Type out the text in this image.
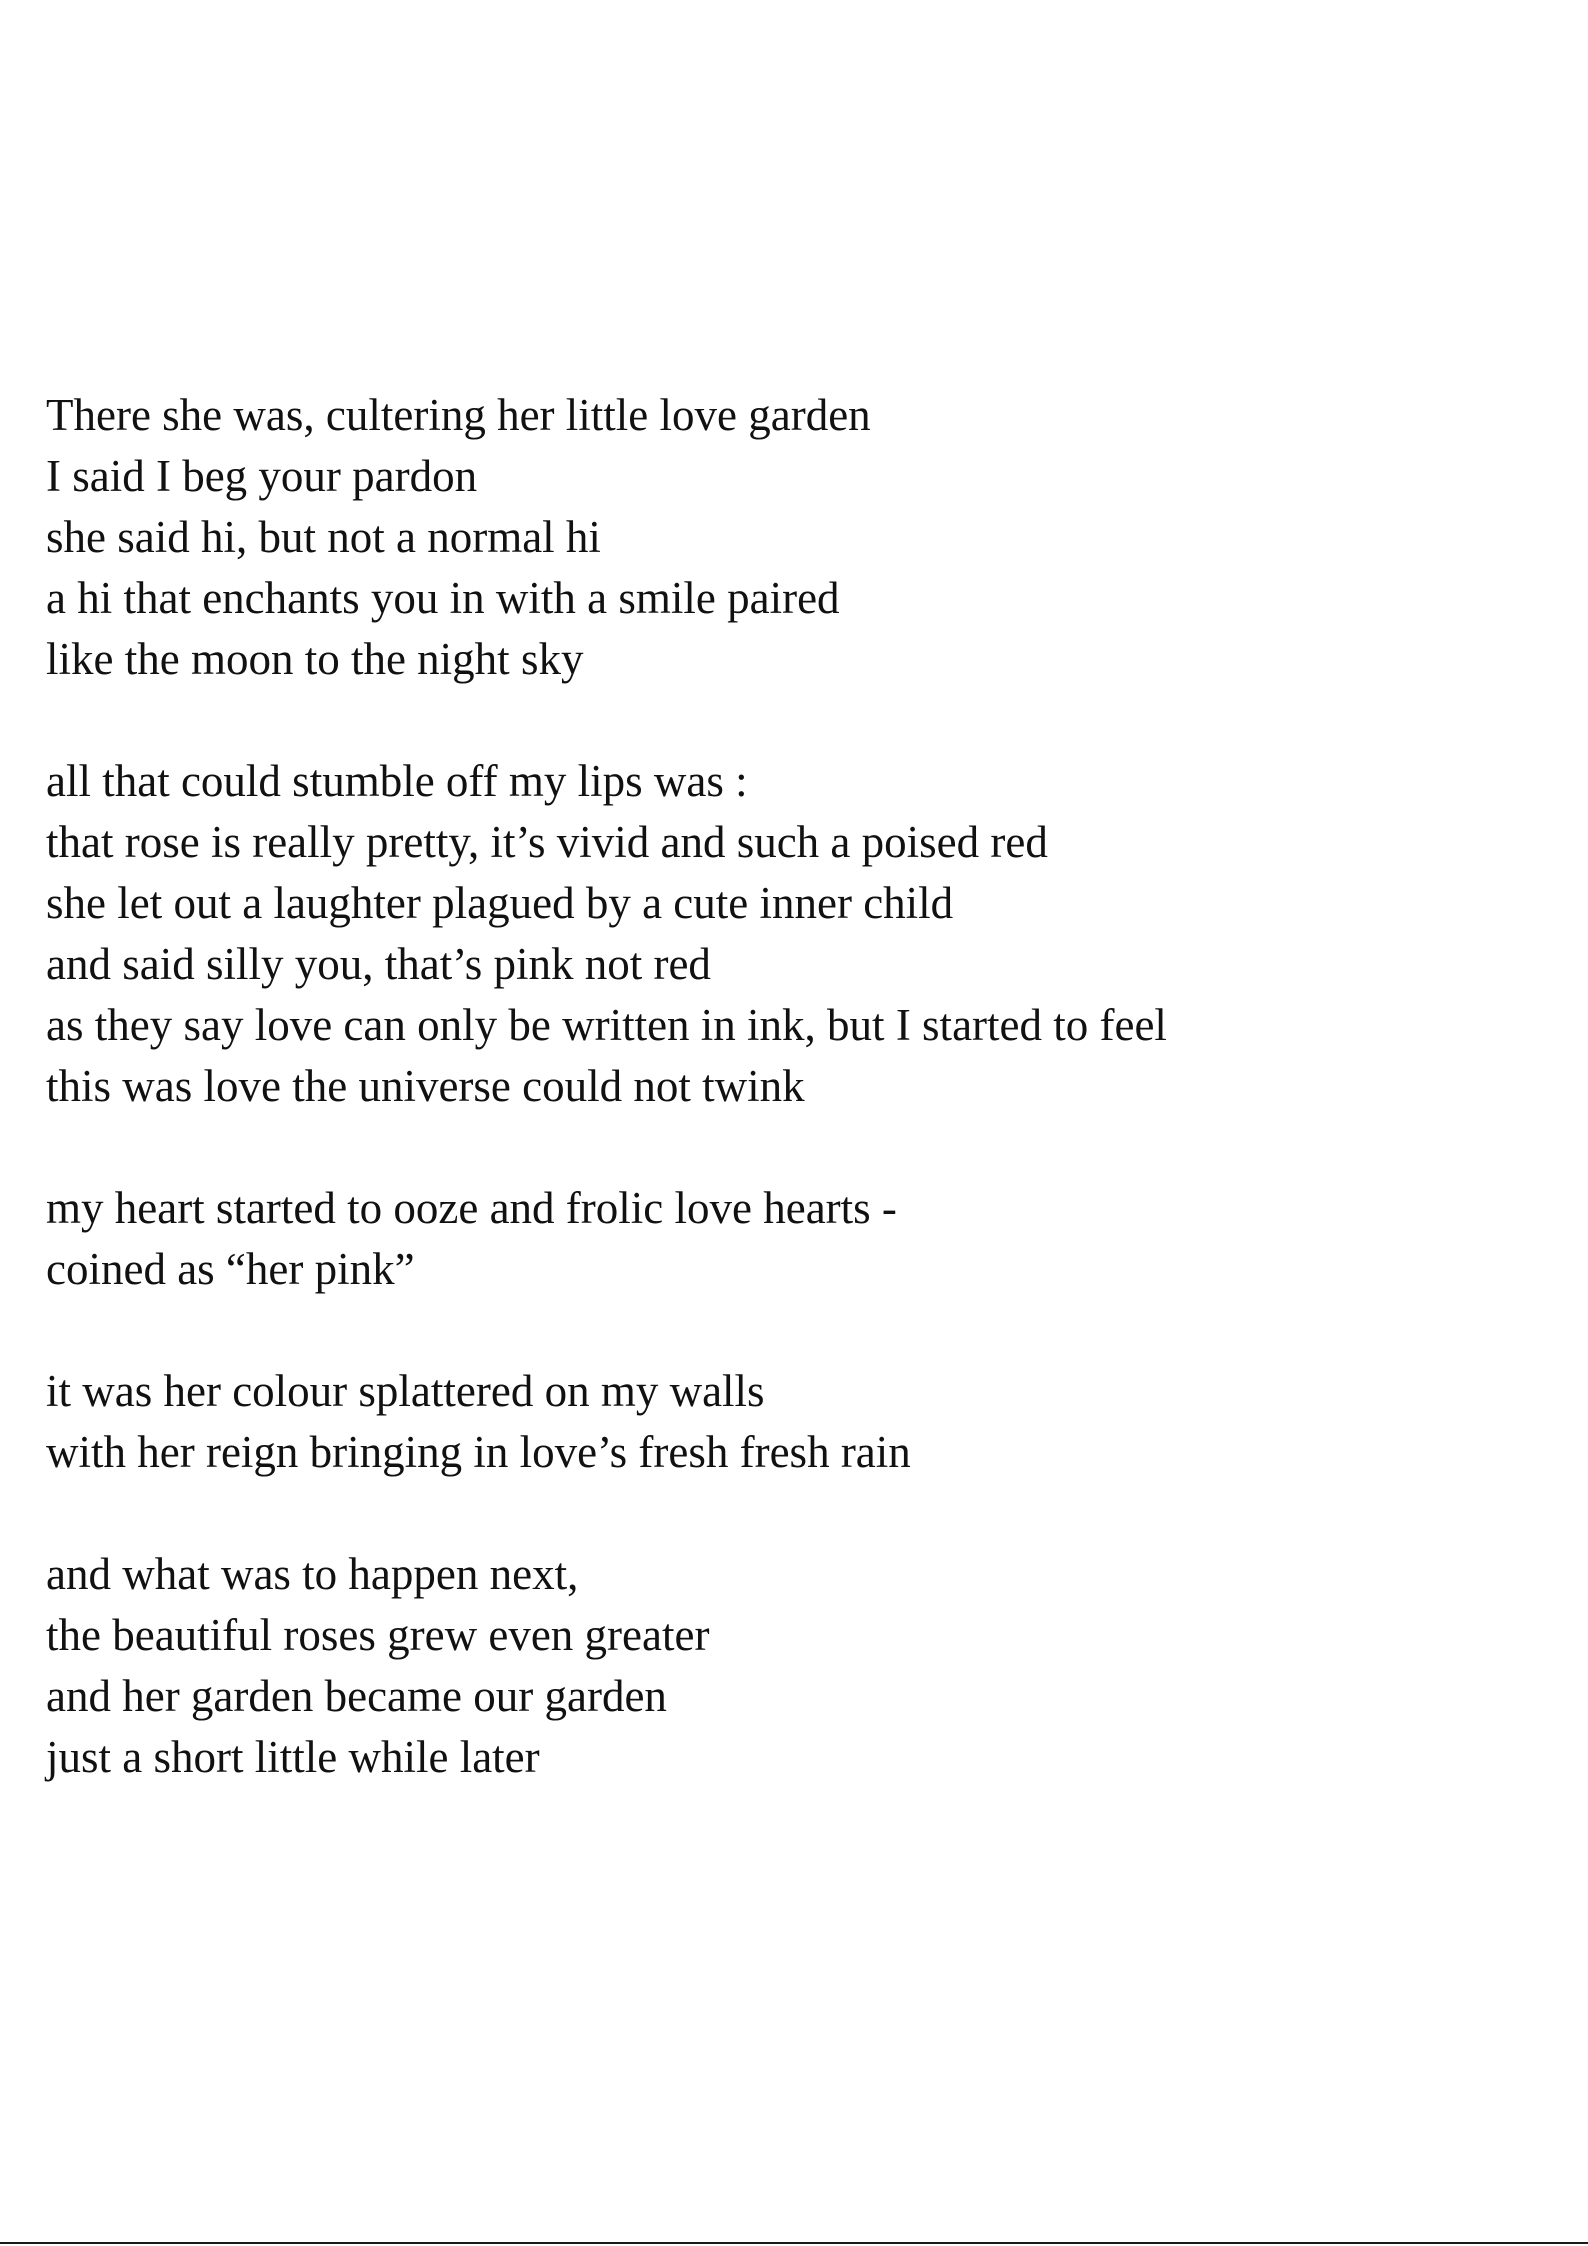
There she was, cultering her little love garden
I said I beg your pardon
she said hi, but not a normal hi
a hi that enchants you in with a smile paired
like the moon to the night sky

all that could stumble off my lips was :
that rose is really pretty, it’s vivid and such a poised red
she let out a laughter plagued by a cute inner child
and said silly you, that’s pink not red
as they say love can only be written in ink, but I started to feel
this was love the universe could not twink

my heart started to ooze and frolic love hearts -
coined as “her pink”

it was her colour splattered on my walls
with her reign bringing in love’s fresh fresh rain

and what was to happen next,
the beautiful roses grew even greater
and her garden became our garden
just a short little while later
